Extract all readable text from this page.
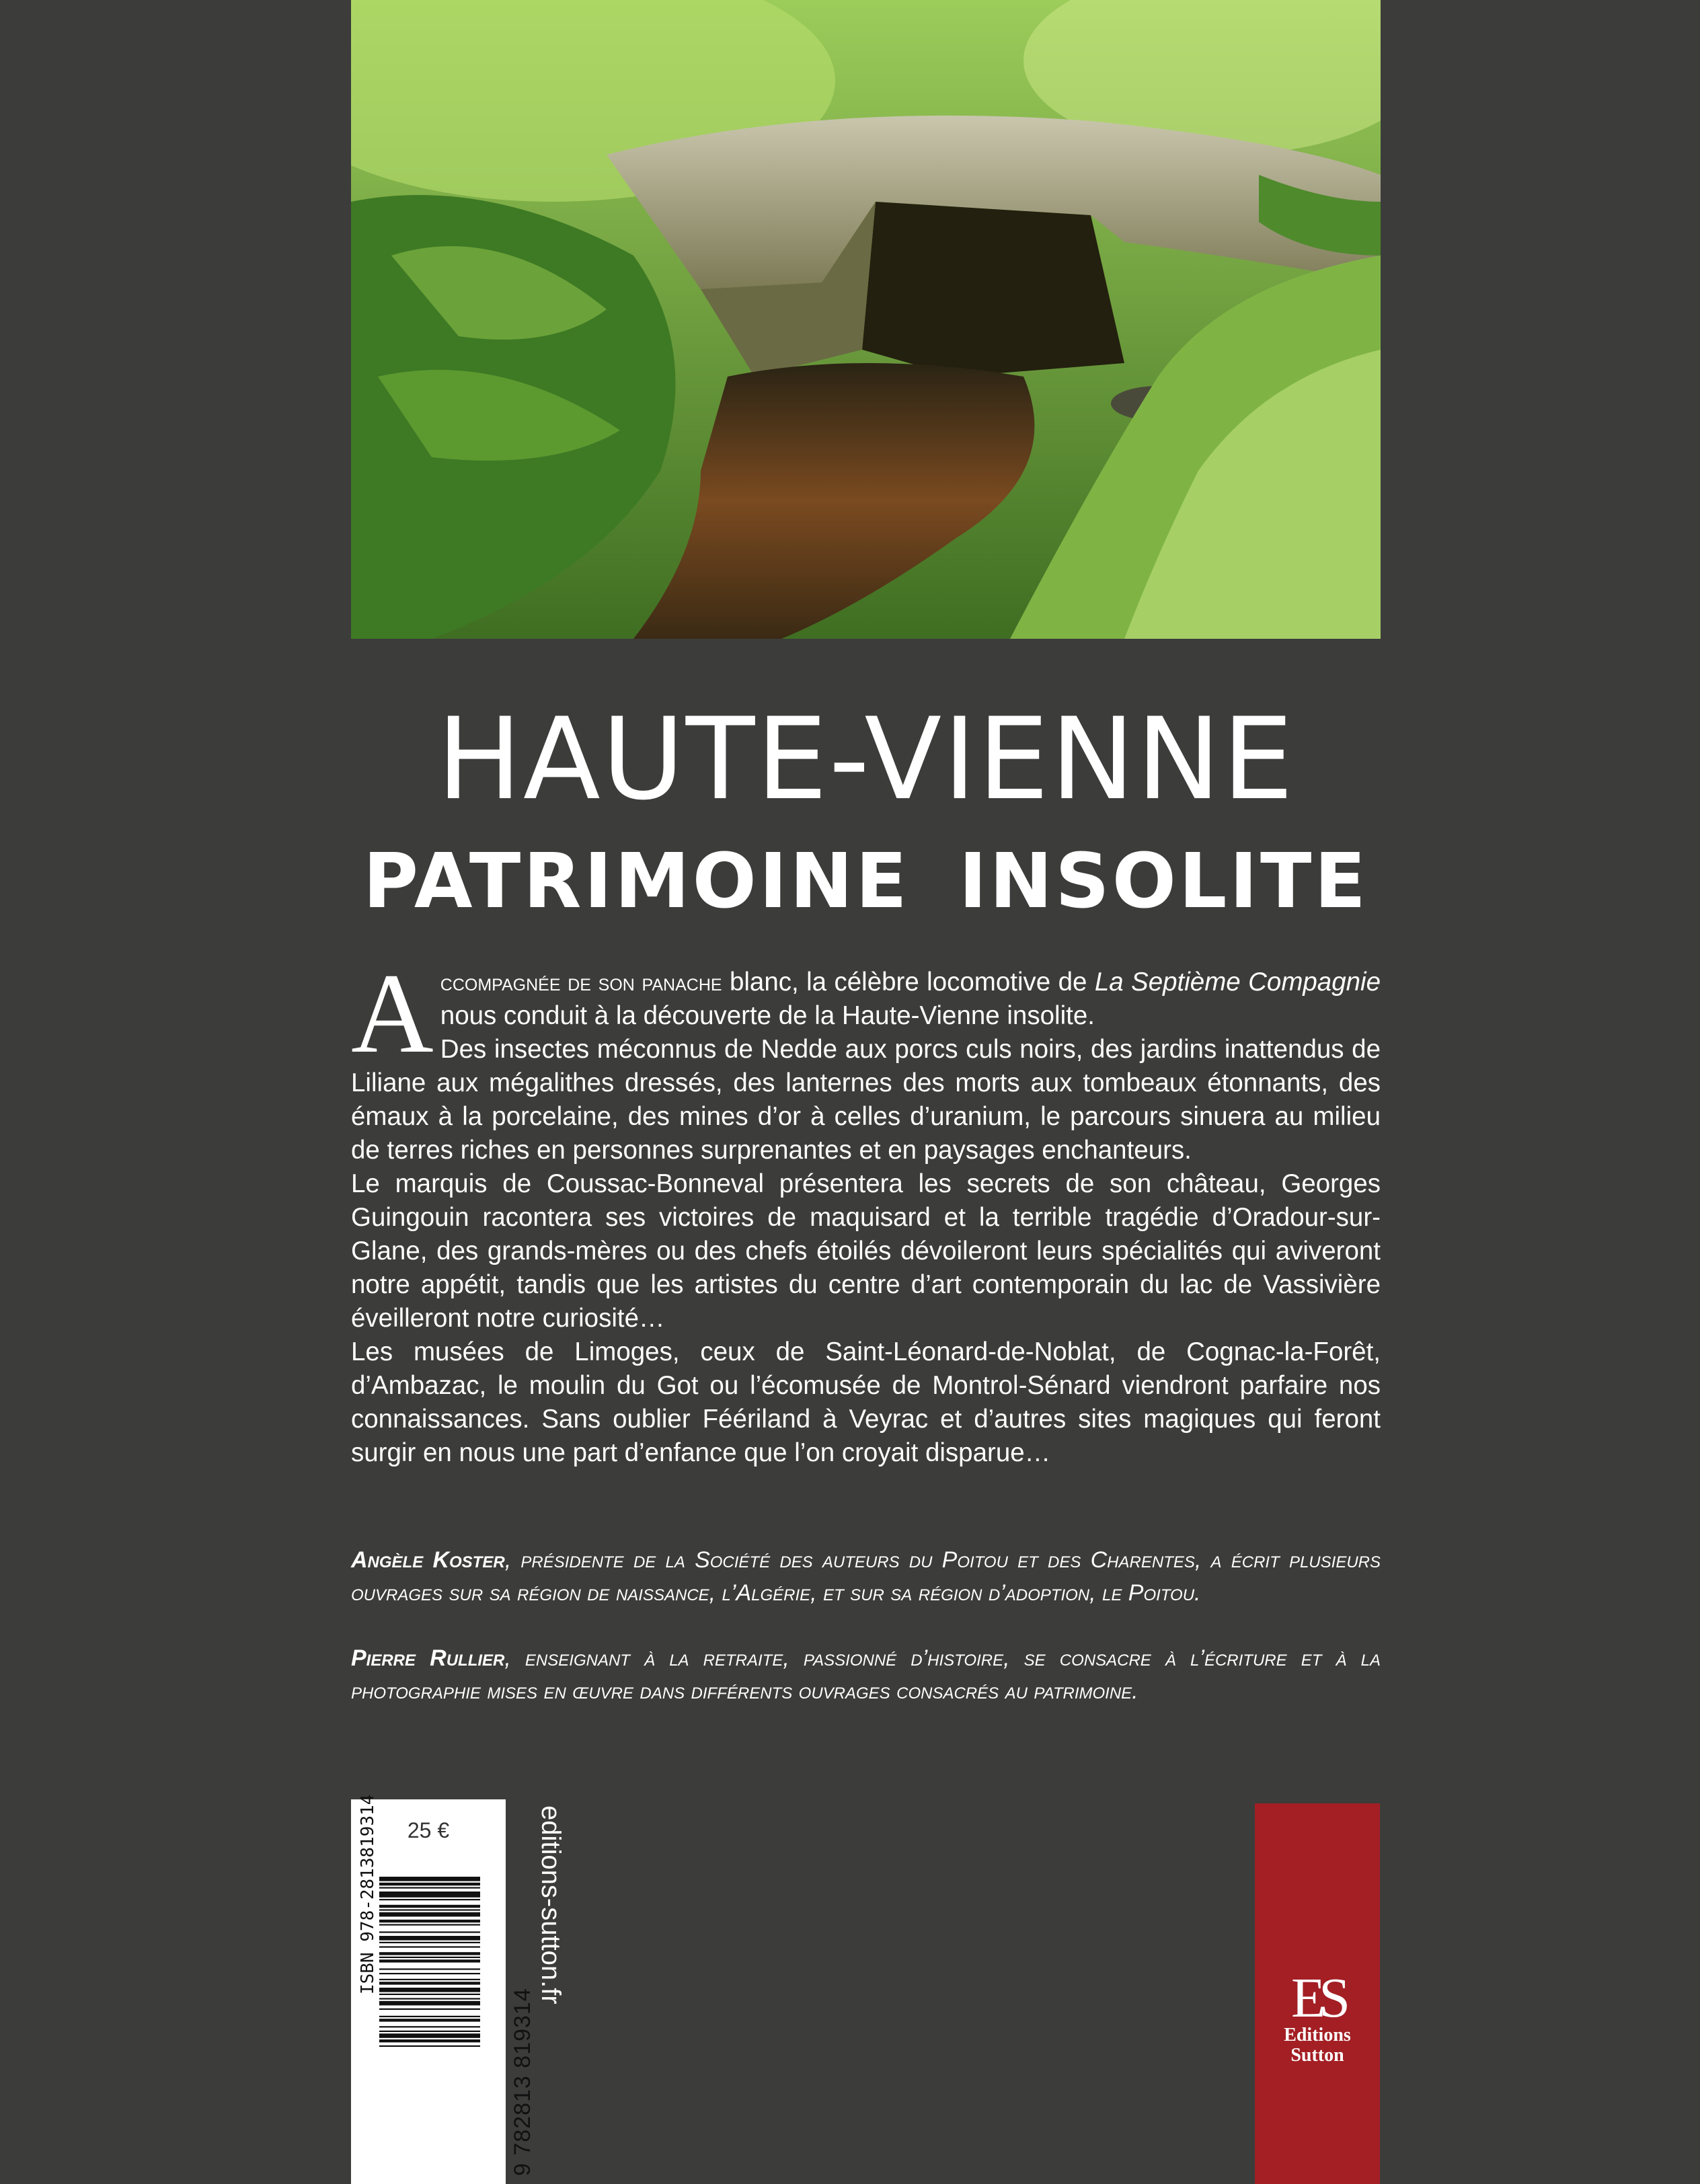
HAUTE-VIENNE
PATRIMOINE INSOLITE

Accompagnée de son panache blanc, la célèbre locomotive de La Septième Compagnie nous conduit à la découverte de la Haute-Vienne insolite.

Des insectes méconnus de Nedde aux porcs culs noirs, des jardins inattendus de Liliane aux mégalithes dressés, des lanternes des morts aux tombeaux étonnants, des émaux à la porcelaine, des mines d’or à celles d’uranium, le parcours sinuera au milieu de terres riches en personnes surprenantes et en paysages enchanteurs.

Le marquis de Coussac-Bonneval présentera les secrets de son château, Georges Guingouin racontera ses victoires de maquisard et la terrible tragédie d’Oradour-sur-Glane, des grands-mères ou des chefs étoilés dévoileront leurs spécialités qui aviveront notre appétit, tandis que les artistes du centre d’art contemporain du lac de Vassivière éveilleront notre curiosité…

Les musées de Limoges, ceux de Saint-Léonard-de-Noblat, de Cognac-la-Forêt, d’Ambazac, le moulin du Got ou l’écomusée de Montrol-Sénard viendront parfaire nos connaissances. Sans oublier Féériland à Veyrac et d’autres sites magiques qui feront surgir en nous une part d’enfance que l’on croyait disparue…

Angèle Koster, présidente de la Société des auteurs du Poitou et des Charentes, a écrit plusieurs ouvrages sur sa région de naissance, l’Algérie, et sur sa région d’adoption, le Poitou.

Pierre Rullier, enseignant à la retraite, passionné d’histoire, se consacre à l’écriture et à la photographie mises en œuvre dans différents ouvrages consacrés au patrimoine.

25 €
ISBN 978-2813819314
9 782813 819314
editions-sutton.fr	ES
Editions
Sutton
